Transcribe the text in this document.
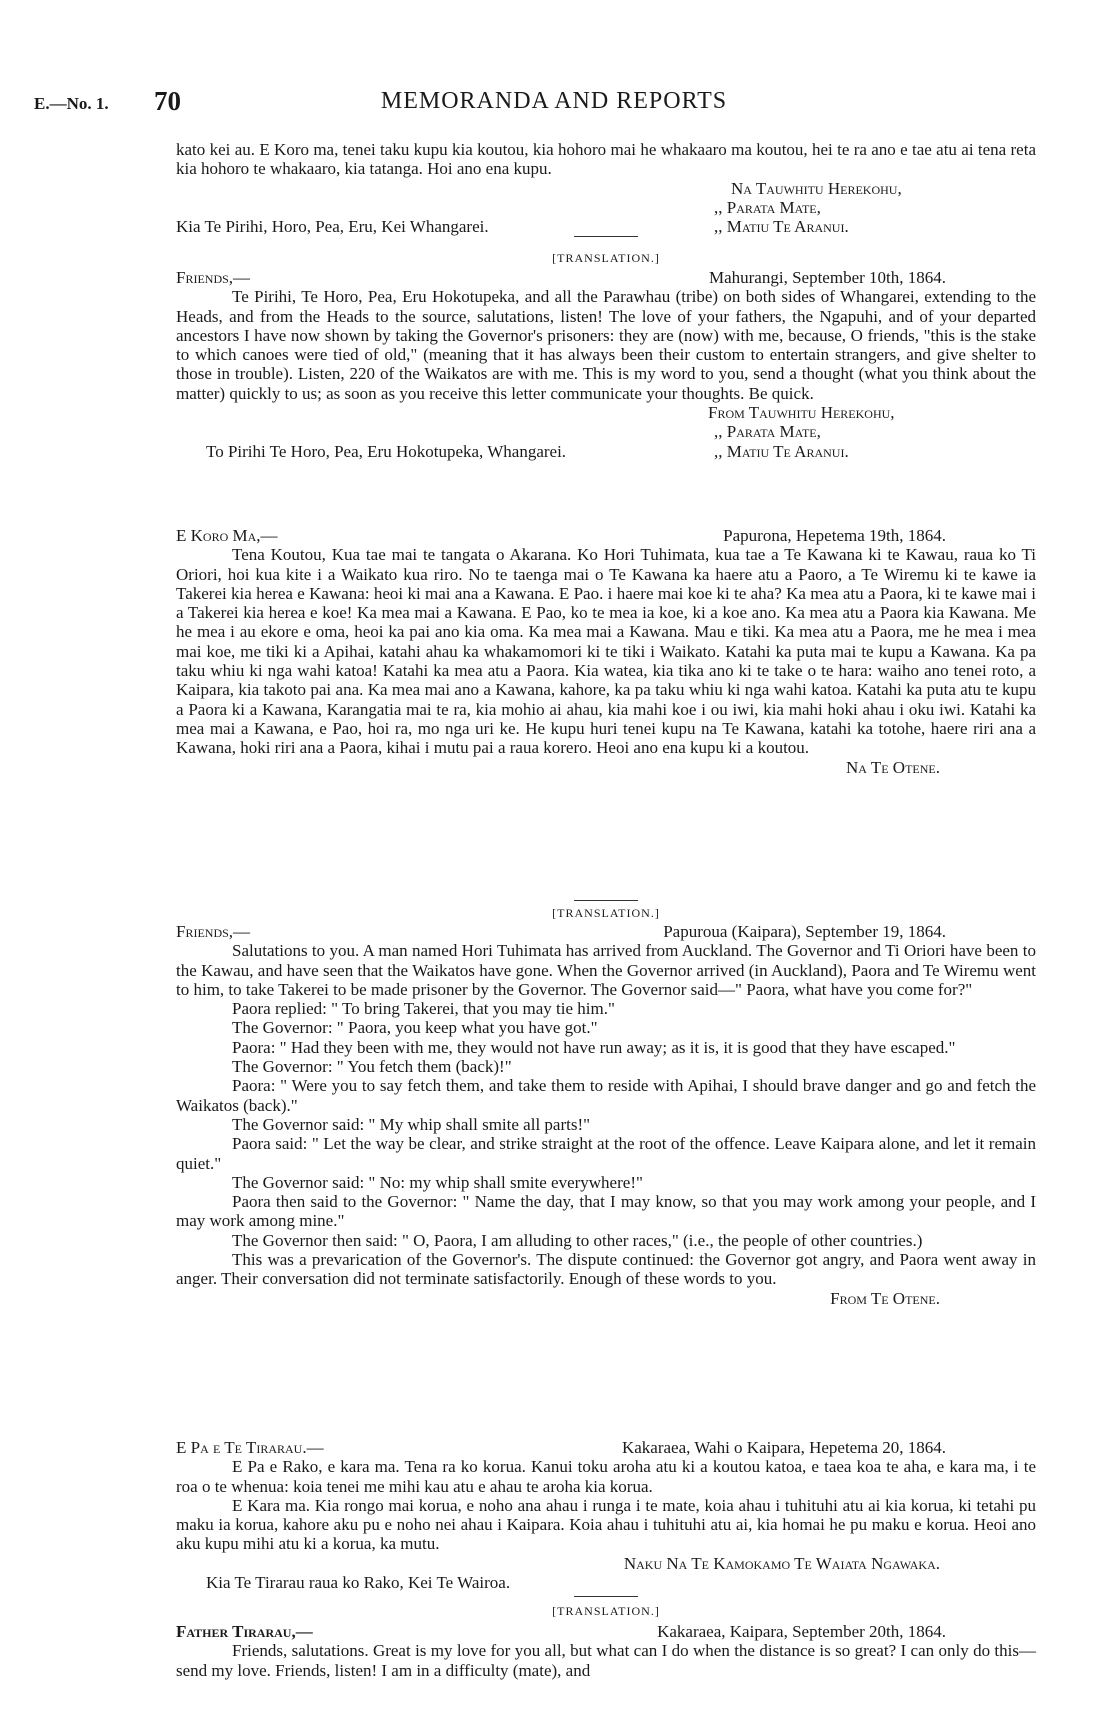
E.—No. 1. 70	MEMORANDA AND REPORTS

kato kei au. E Koro ma, tenei taku kupu kia koutou, kia hohoro mai he whakaaro ma koutou, hei te ra ano e tae atu ai tena reta kia hohoro te whakaaro, kia tatanga. Hoi ano ena kupu.

Na Tauwhitu Herekohu,
,, Parata Mate,
Kia Te Pirihi, Horo, Pea, Eru, Kei Whangarei.	,, Matiu Te Aranui.
[TRANSLATION.]
Friends,—	Mahurangi, September 10th, 1864.

Te Pirihi, Te Horo, Pea, Eru Hokotupeka, and all the Parawhau (tribe) on both sides of Whangarei, extending to the Heads, and from the Heads to the source, salutations, listen! The love of your fathers, the Ngapuhi, and of your departed ancestors I have now shown by taking the Governor's prisoners: they are (now) with me, because, O friends, "this is the stake to which canoes were tied of old," (meaning that it has always been their custom to entertain strangers, and give shelter to those in trouble). Listen, 220 of the Waikatos are with me. This is my word to you, send a thought (what you think about the matter) quickly to us; as soon as you receive this letter communicate your thoughts. Be quick.

From Tauwhitu Herekohu,
,, Parata Mate,
To Pirihi Te Horo, Pea, Eru Hokotupeka, Whangarei.	,, Matiu Te Aranui.
E Koro Ma,—	Papurona, Hepetema 19th, 1864.

Tena Koutou, Kua tae mai te tangata o Akarana. Ko Hori Tuhimata, kua tae a Te Kawana ki te Kawau, raua ko Ti Oriori, hoi kua kite i a Waikato kua riro. No te taenga mai o Te Kawana ka haere atu a Paoro, a Te Wiremu ki te kawe ia Takerei kia herea e Kawana: heoi ki mai ana a Kawana. E Pao. i haere mai koe ki te aha? Ka mea atu a Paora, ki te kawe mai i a Takerei kia herea e koe! Ka mea mai a Kawana. E Pao, ko te mea ia koe, ki a koe ano. Ka mea atu a Paora kia Kawana. Me he mea i au ekore e oma, heoi ka pai ano kia oma. Ka mea mai a Kawana. Mau e tiki. Ka mea atu a Paora, me he mea i mea mai koe, me tiki ki a Apihai, katahi ahau ka whakamomori ki te tiki i Waikato. Katahi ka puta mai te kupu a Kawana. Ka pa taku whiu ki nga wahi katoa! Katahi ka mea atu a Paora. Kia watea, kia tika ano ki te take o te hara: waiho ano tenei roto, a Kaipara, kia takoto pai ana. Ka mea mai ano a Kawana, kahore, ka pa taku whiu ki nga wahi katoa. Katahi ka puta atu te kupu a Paora ki a Kawana, Karangatia mai te ra, kia mohio ai ahau, kia mahi koe i ou iwi, kia mahi hoki ahau i oku iwi. Katahi ka mea mai a Kawana, e Pao, hoi ra, mo nga uri ke. He kupu huri tenei kupu na Te Kawana, katahi ka totohe, haere riri ana a Kawana, hoki riri ana a Paora, kihai i mutu pai a raua korero. Heoi ano ena kupu ki a koutou.

Na Te Otene.
[TRANSLATION.]
Friends,—	Papuroua (Kaipara), September 19, 1864.

Salutations to you. A man named Hori Tuhimata has arrived from Auckland. The Governor and Ti Oriori have been to the Kawau, and have seen that the Waikatos have gone. When the Governor arrived (in Auckland), Paora and Te Wiremu went to him, to take Takerei to be made prisoner by the Governor. The Governor said—" Paora, what have you come for?"

Paora replied: " To bring Takerei, that you may tie him."

The Governor: " Paora, you keep what you have got."

Paora: " Had they been with me, they would not have run away; as it is, it is good that they have escaped."

The Governor: " You fetch them (back)!"

Paora: " Were you to say fetch them, and take them to reside with Apihai, I should brave danger and go and fetch the Waikatos (back)."

The Governor said: " My whip shall smite all parts!"

Paora said: " Let the way be clear, and strike straight at the root of the offence. Leave Kaipara alone, and let it remain quiet."

The Governor said: " No: my whip shall smite everywhere!"

Paora then said to the Governor: " Name the day, that I may know, so that you may work among your people, and I may work among mine."

The Governor then said: " O, Paora, I am alluding to other races," (i.e., the people of other countries.)

This was a prevarication of the Governor's. The dispute continued: the Governor got angry, and Paora went away in anger. Their conversation did not terminate satisfactorily. Enough of these words to you.

From Te Otene.
E Pa e Te Tirarau.—	Kakaraea, Wahi o Kaipara, Hepetema 20, 1864.

E Pa e Rako, e kara ma. Tena ra ko korua. Kanui toku aroha atu ki a koutou katoa, e taea koa te aha, e kara ma, i te roa o te whenua: koia tenei me mihi kau atu e ahau te aroha kia korua.

E Kara ma. Kia rongo mai korua, e noho ana ahau i runga i te mate, koia ahau i tuhituhi atu ai kia korua, ki tetahi pu maku ia korua, kahore aku pu e noho nei ahau i Kaipara. Koia ahau i tuhituhi atu ai, kia homai he pu maku e korua. Heoi ano aku kupu mihi atu ki a korua, ka mutu.

Naku Na Te Kamokamo Te Waiata Ngawaka.
Kia Te Tirarau raua ko Rako, Kei Te Wairoa.
[TRANSLATION.]
Father Tirarau,—	Kakaraea, Kaipara, September 20th, 1864.

Friends, salutations. Great is my love for you all, but what can I do when the distance is so great? I can only do this—send my love. Friends, listen! I am in a difficulty (mate), and
